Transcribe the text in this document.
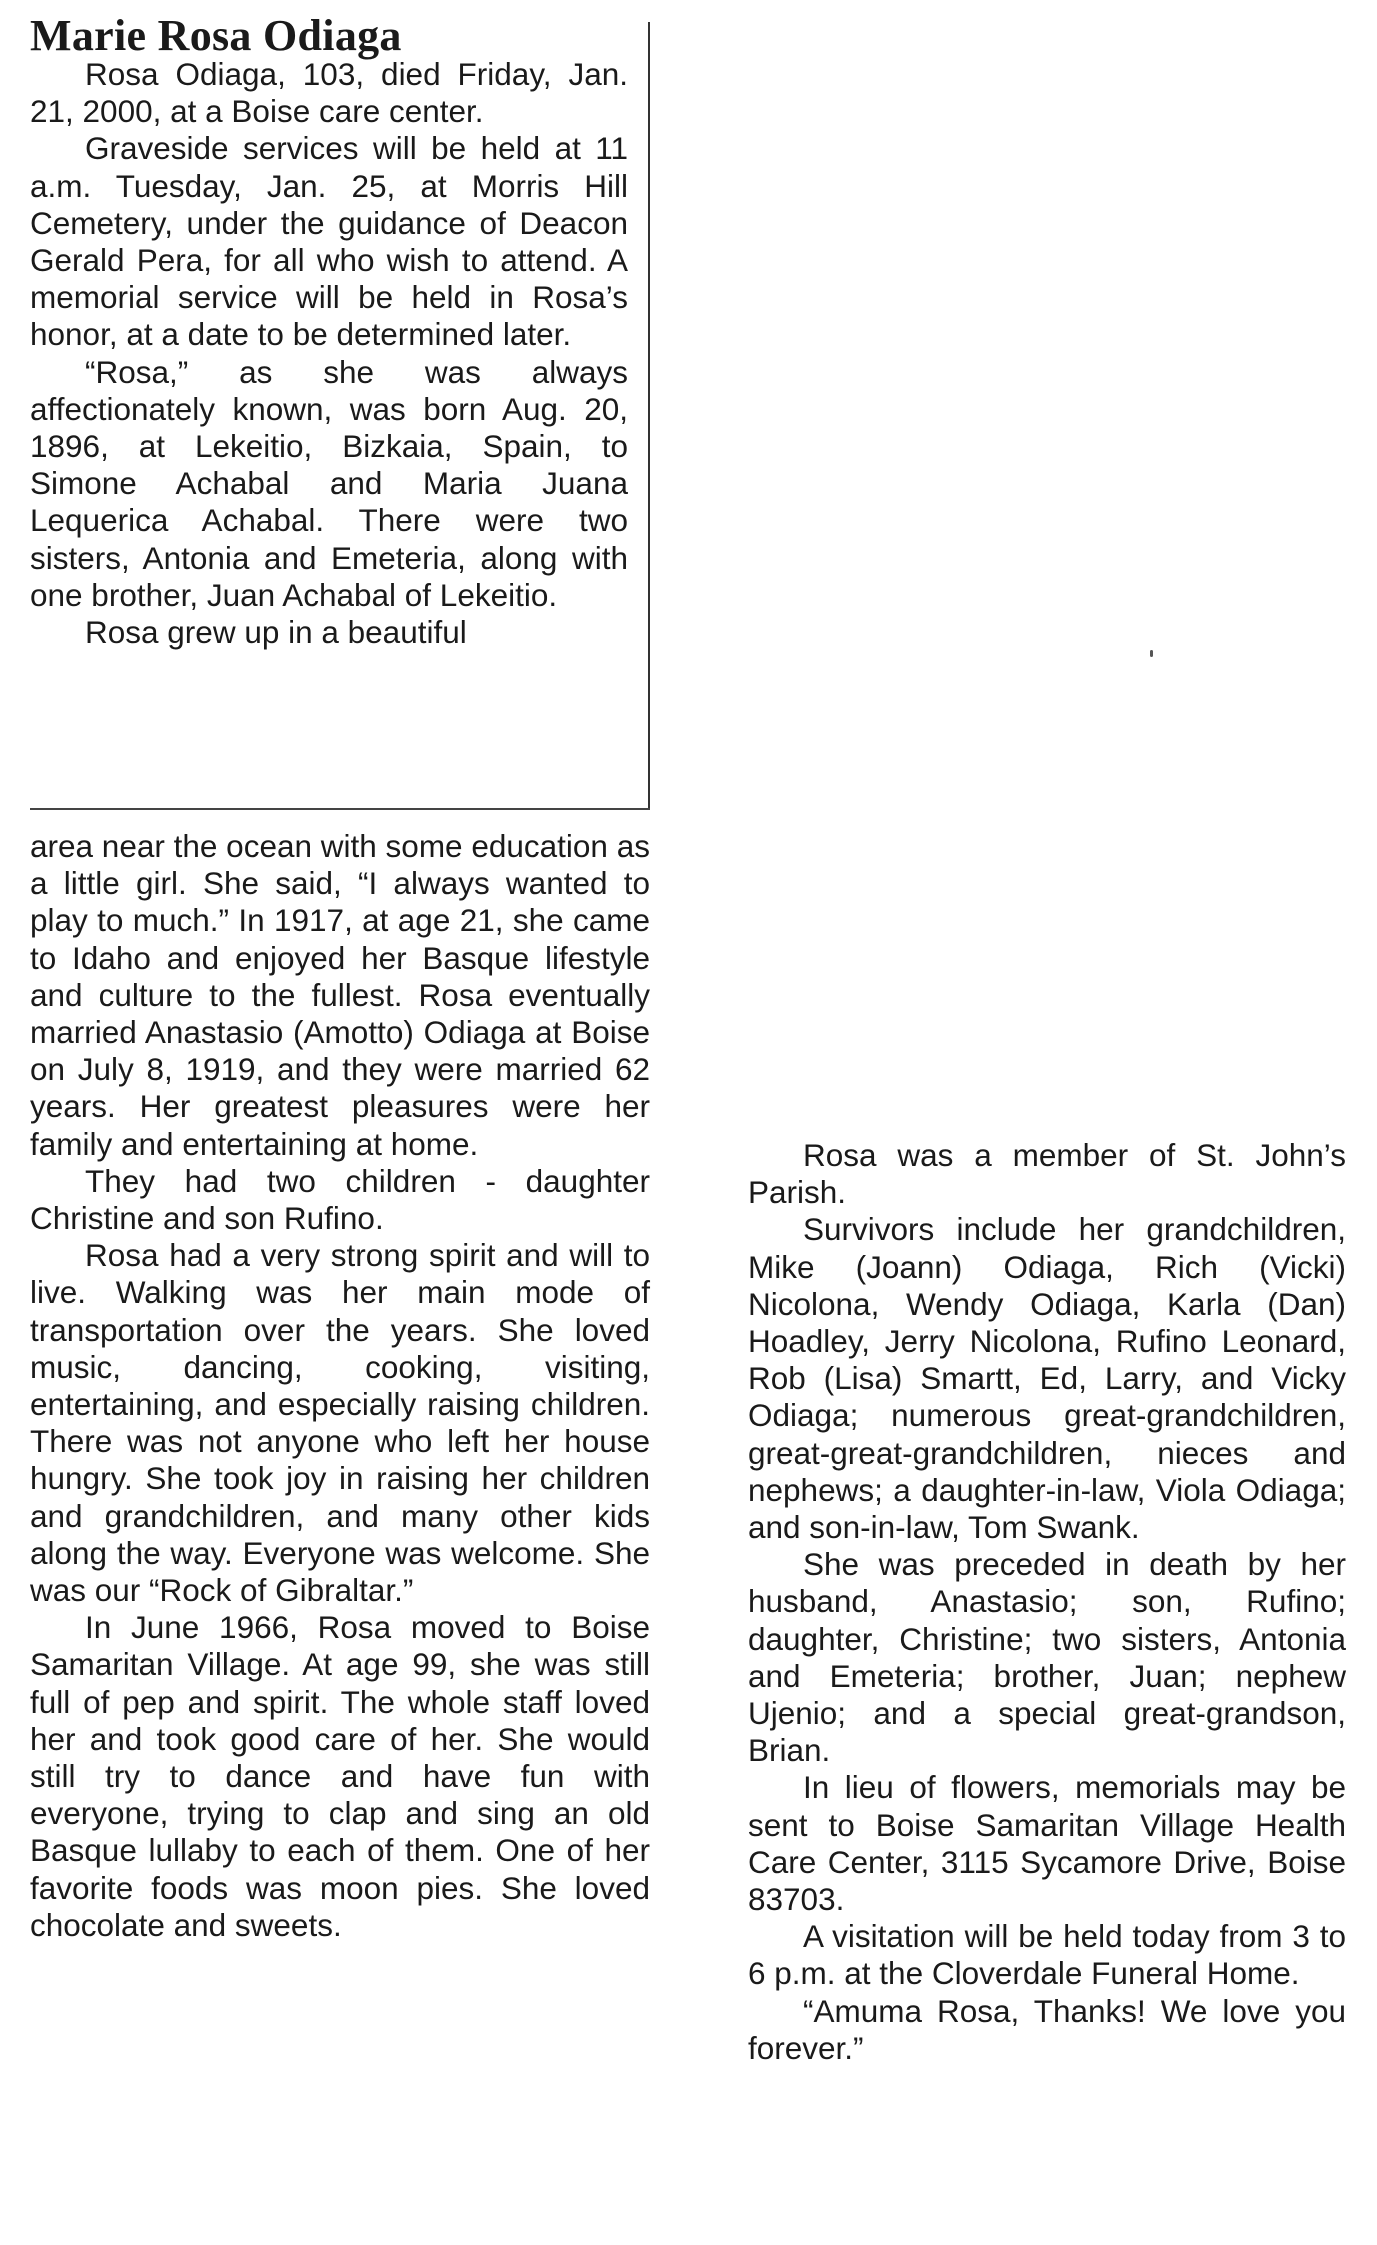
Marie Rosa Odiaga

Rosa Odiaga, 103, died Friday, Jan. 21, 2000, at a Boise care center.

Graveside services will be held at 11 a.m. Tuesday, Jan. 25, at Morris Hill Cemetery, under the guidance of Deacon Gerald Pera, for all who wish to attend. A memorial service will be held in Rosa’s honor, at a date to be determined later.

“Rosa,” as she was always affectionately known, was born Aug. 20, 1896, at Lekeitio, Bizkaia, Spain, to Simone Achabal and Maria Juana Lequerica Achabal. There were two sisters, Antonia and Emeteria, along with one brother, Juan Achabal of Lekeitio.

Rosa grew up in a beautiful

area near the ocean with some education as a little girl. She said, “I always wanted to play to much.” In 1917, at age 21, she came to Idaho and enjoyed her Basque lifestyle and culture to the fullest. Rosa eventually married Anastasio (Amotto) Odiaga at Boise on July 8, 1919, and they were married 62 years. Her greatest pleasures were her family and entertaining at home.

They had two children - daughter Christine and son Rufino.

Rosa had a very strong spirit and will to live. Walking was her main mode of transportation over the years. She loved music, dancing, cooking, visiting, entertaining, and especially raising children. There was not anyone who left her house hungry. She took joy in raising her children and grandchildren, and many other kids along the way. Everyone was welcome. She was our “Rock of Gibraltar.”

In June 1966, Rosa moved to Boise Samaritan Village. At age 99, she was still full of pep and spirit. The whole staff loved her and took good care of her. She would still try to dance and have fun with everyone, trying to clap and sing an old Basque lullaby to each of them. One of her favorite foods was moon pies. She loved chocolate and sweets.

Rosa was a member of St. John’s Parish.

Survivors include her grandchildren, Mike (Joann) Odiaga, Rich (Vicki) Nicolona, Wendy Odiaga, Karla (Dan) Hoadley, Jerry Nicolona, Rufino Leonard, Rob (Lisa) Smartt, Ed, Larry, and Vicky Odiaga; numerous great-grandchildren, great-great-grandchildren, nieces and nephews; a daughter-in-law, Viola Odiaga; and son-in-law, Tom Swank.

She was preceded in death by her husband, Anastasio; son, Rufino; daughter, Christine; two sisters, Antonia and Emeteria; brother, Juan; nephew Ujenio; and a special great-grandson, Brian.

In lieu of flowers, memorials may be sent to Boise Samaritan Village Health Care Center, 3115 Sycamore Drive, Boise 83703.

A visitation will be held today from 3 to 6 p.m. at the Cloverdale Funeral Home.

“Amuma Rosa, Thanks! We love you forever.”
